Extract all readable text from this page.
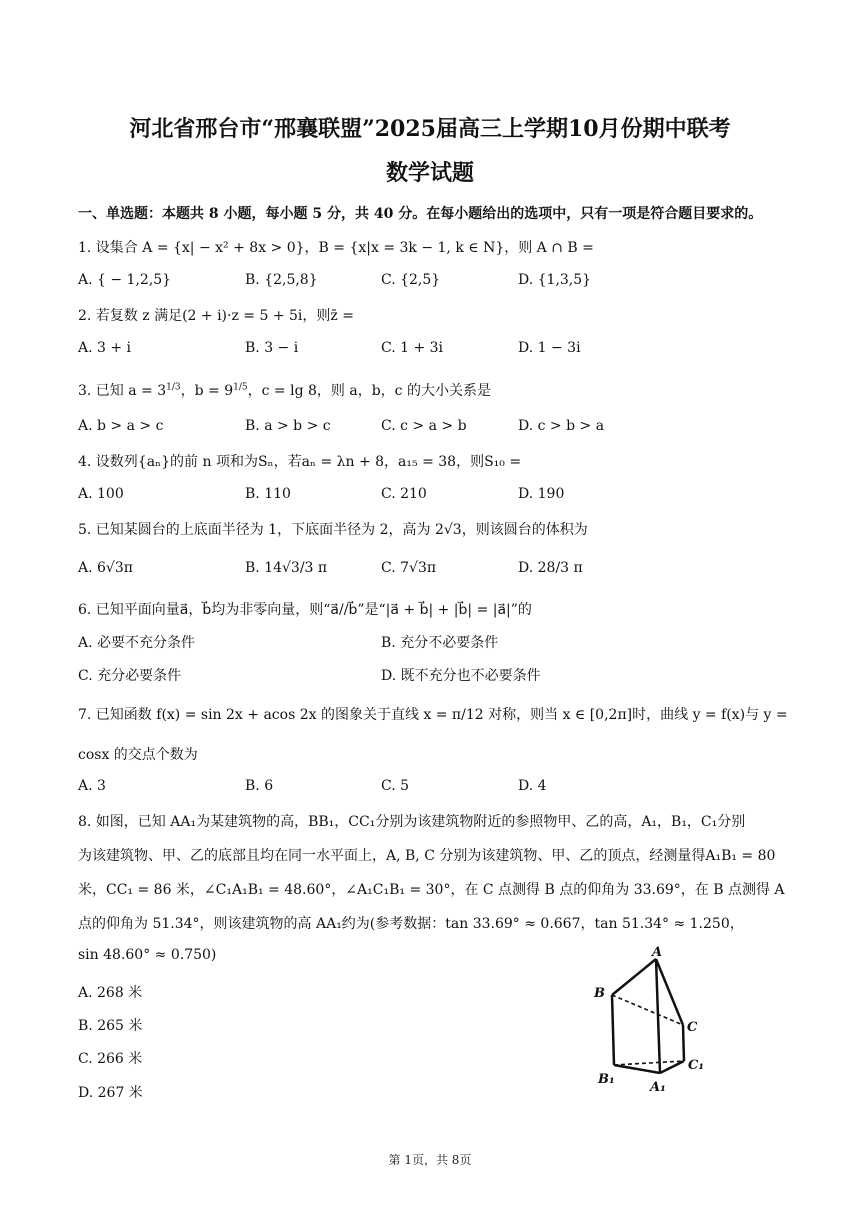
河北省邢台市“邢襄联盟”2025届高三上学期10月份期中联考
数学试题
一、单选题：本题共 8 小题，每小题 5 分，共 40 分。在每小题给出的选项中，只有一项是符合题目要求的。
1. 设集合 A = {x| − x² + 8x > 0}，B = {x|x = 3k − 1, k ∈ N}，则 A ∩ B =
A. { − 1,2,5}	B. {2,5,8}	C. {2,5}	D. {1,3,5}
2. 若复数 z 满足(2 + i)·z = 5 + 5i，则z̄ =
A. 3 + i	B. 3 − i	C. 1 + 3i	D. 1 − 3i
3. 已知 $a = 3^{1/3}$，$b = 9^{1/5}$，c = lg 8，则 a，b，c 的大小关系是
A. b > a > c	B. a > b > c	C. c > a > b	D. c > b > a
4. 设数列{aₙ}的前 n 项和为Sₙ，若aₙ = λn + 8，a₁₅ = 38，则S₁₀ =
A. 100	B. 110	C. 210	D. 190
5. 已知某圆台的上底面半径为 1，下底面半径为 2，高为 2√3，则该圆台的体积为
A. 6√3π	B. 14√3/3 π	C. 7√3π	D. 28/3 π
6. 已知平面向量a⃗，b⃗均为非零向量，则“a⃗//b⃗”是“|a⃗ + b⃗| + |b⃗| = |a⃗|”的
A. 必要不充分条件	B. 充分不必要条件
C. 充分必要条件	D. 既不充分也不必要条件
7. 已知函数 f(x) = sin 2x + acos 2x 的图象关于直线 x = π/12 对称，则当 x ∈ [0,2π]时，曲线 y = f(x)与 y =
cosx 的交点个数为
A. 3	B. 6	C. 5	D. 4
8. 如图，已知 AA₁为某建筑物的高，BB₁，CC₁分别为该建筑物附近的参照物甲、乙的高，A₁，B₁，C₁分别
为该建筑物、甲、乙的底部且均在同一水平面上，A, B, C 分别为该建筑物、甲、乙的顶点，经测量得A₁B₁ = 80
米，CC₁ = 86 米，∠C₁A₁B₁ = 48.60°，∠A₁C₁B₁ = 30°，在 C 点测得 B 点的仰角为 33.69°，在 B 点测得 A
点的仰角为 51.34°，则该建筑物的高 AA₁约为(参考数据：tan 33.69° ≈ 0.667，tan 51.34° ≈ 1.250，
sin 48.60° ≈ 0.750)
A. 268 米
B. 265 米
C. 266 米
D. 267 米
A
B
C
B₁
A₁
C₁
第 1页，共 8页
